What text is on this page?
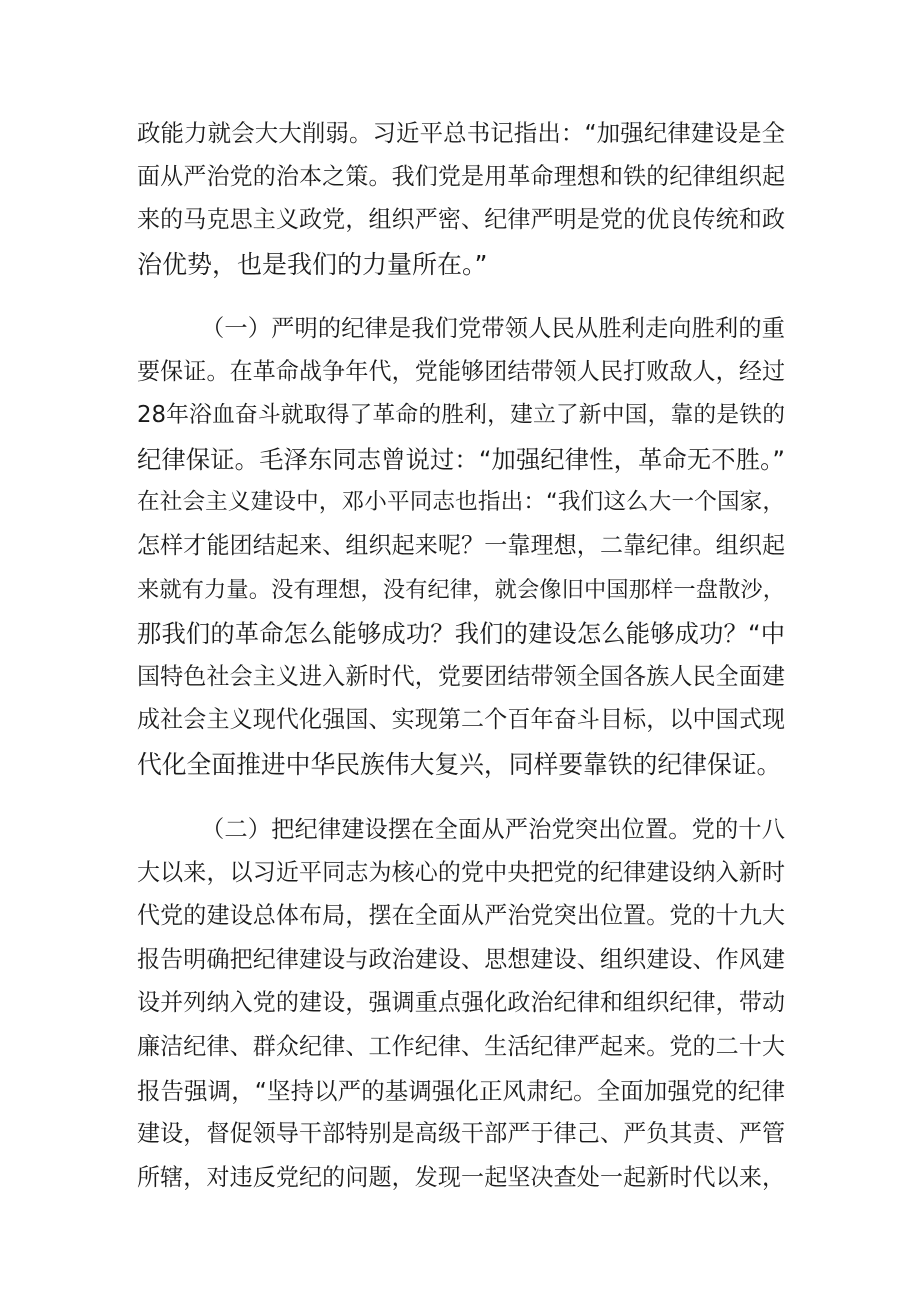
政能力就会大大削弱。习近平总书记指出：“加强纪律建设是全
面从严治党的治本之策。我们党是用革命理想和铁的纪律组织起
来的马克思主义政党，组织严密、纪律严明是党的优良传统和政
治优势，也是我们的力量所在。”
（一）严明的纪律是我们党带领人民从胜利走向胜利的重
要保证。在革命战争年代，党能够团结带领人民打败敌人，经过
28年浴血奋斗就取得了革命的胜利，建立了新中国，靠的是铁的
纪律保证。毛泽东同志曾说过：“加强纪律性，革命无不胜。”
在社会主义建设中，邓小平同志也指出：“我们这么大一个国家，
怎样才能团结起来、组织起来呢？一靠理想，二靠纪律。组织起
来就有力量。没有理想，没有纪律，就会像旧中国那样一盘散沙，
那我们的革命怎么能够成功？我们的建设怎么能够成功？“中
国特色社会主义进入新时代，党要团结带领全国各族人民全面建
成社会主义现代化强国、实现第二个百年奋斗目标，以中国式现
代化全面推进中华民族伟大复兴，同样要靠铁的纪律保证。
（二）把纪律建设摆在全面从严治党突出位置。党的十八
大以来，以习近平同志为核心的党中央把党的纪律建设纳入新时
代党的建设总体布局，摆在全面从严治党突出位置。党的十九大
报告明确把纪律建设与政治建设、思想建设、组织建设、作风建
设并列纳入党的建设，强调重点强化政治纪律和组织纪律，带动
廉洁纪律、群众纪律、工作纪律、生活纪律严起来。党的二十大
报告强调，“坚持以严的基调强化正风肃纪。全面加强党的纪律
建设，督促领导干部特别是高级干部严于律己、严负其责、严管
所辖，对违反党纪的问题，发现一起坚决查处一起新时代以来，
